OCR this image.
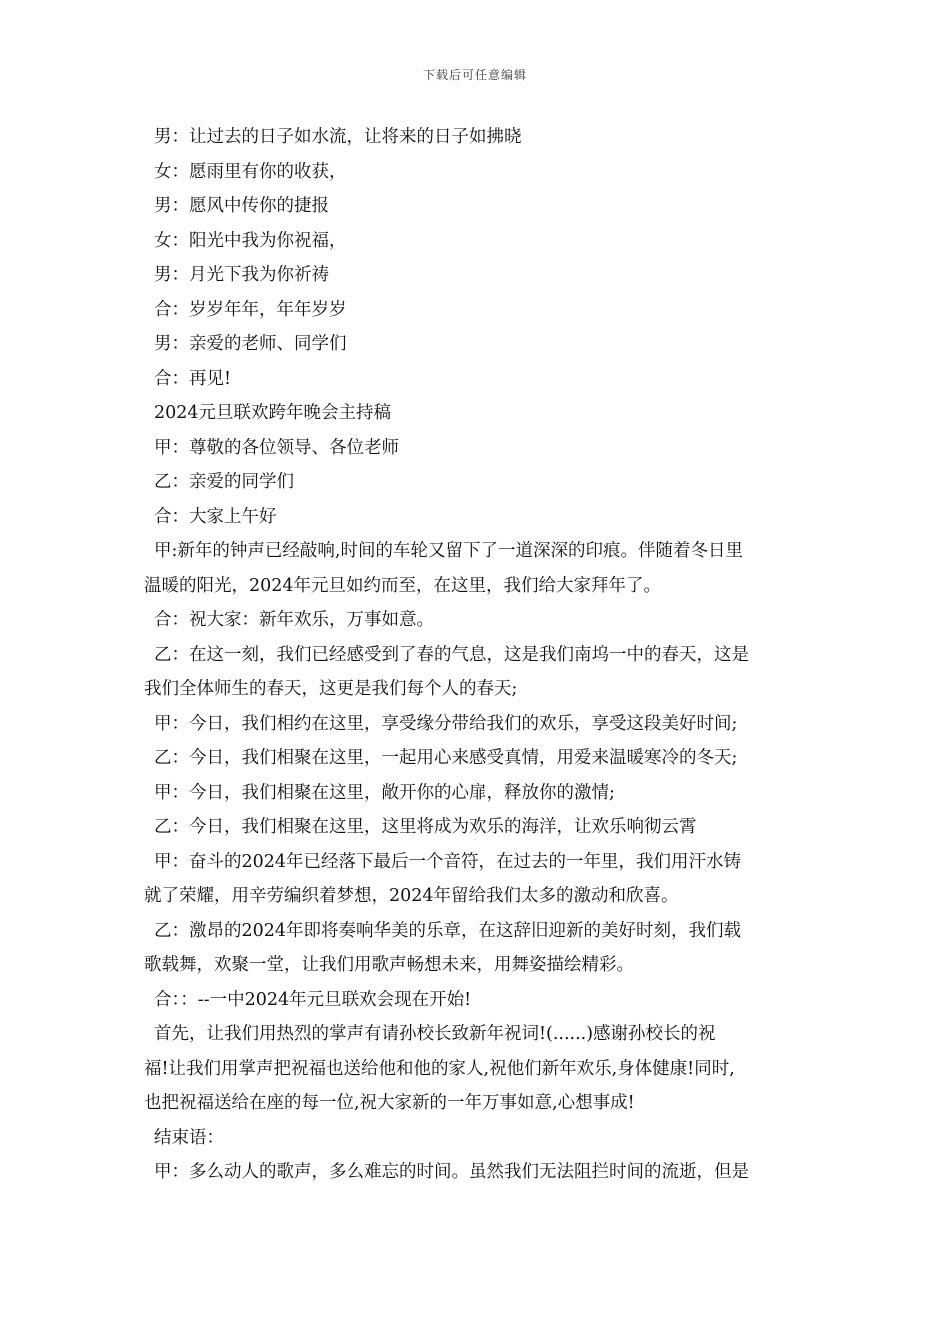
下载后可任意编辑
男：让过去的日子如水流，让将来的日子如拂晓
女：愿雨里有你的收获，
男：愿风中传你的捷报
女：阳光中我为你祝福，
男：月光下我为你祈祷
合：岁岁年年，年年岁岁
男：亲爱的老师、同学们
合：再见!
2024元旦联欢跨年晚会主持稿
甲：尊敬的各位领导、各位老师
乙：亲爱的同学们
合：大家上午好
甲:新年的钟声已经敲响,时间的车轮又留下了一道深深的印痕。伴随着冬日里
温暖的阳光，2024年元旦如约而至，在这里，我们给大家拜年了。
合：祝大家：新年欢乐，万事如意。
乙：在这一刻，我们已经感受到了春的气息，这是我们南坞一中的春天，这是
我们全体师生的春天，这更是我们每个人的春天;
甲：今日，我们相约在这里，享受缘分带给我们的欢乐，享受这段美好时间;
乙：今日，我们相聚在这里，一起用心来感受真情，用爱来温暖寒冷的冬天;
甲：今日，我们相聚在这里，敞开你的心扉，释放你的激情;
乙：今日，我们相聚在这里，这里将成为欢乐的海洋，让欢乐响彻云霄
甲：奋斗的2024年已经落下最后一个音符，在过去的一年里，我们用汗水铸
就了荣耀，用辛劳编织着梦想，2024年留给我们太多的激动和欣喜。
乙：激昂的2024年即将奏响华美的乐章，在这辞旧迎新的美好时刻，我们载
歌载舞，欢聚一堂，让我们用歌声畅想未来，用舞姿描绘精彩。
合：：--一中2024年元旦联欢会现在开始!
首先，让我们用热烈的掌声有请孙校长致新年祝词!(......)感谢孙校长的祝
福!让我们用掌声把祝福也送给他和他的家人,祝他们新年欢乐,身体健康!同时,
也把祝福送给在座的每一位,祝大家新的一年万事如意,心想事成!
结束语：
甲：多么动人的歌声，多么难忘的时间。虽然我们无法阻拦时间的流逝，但是
